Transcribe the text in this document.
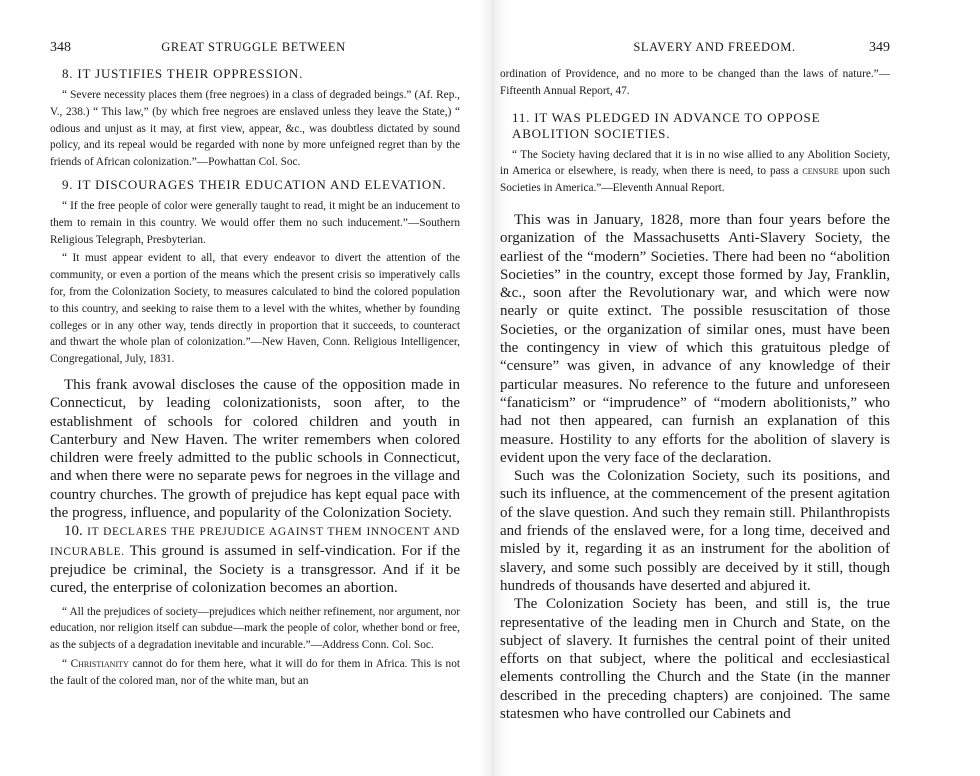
348	GREAT STRUGGLE BETWEEN
8. IT JUSTIFIES THEIR OPPRESSION.

“ Severe necessity places them (free negroes) in a class of degraded beings.” (Af. Rep., V., 238.) “ This law,” (by which free negroes are enslaved unless they leave the State,) “ odious and unjust as it may, at first view, appear, &c., was doubtless dictated by sound policy, and its repeal would be regarded with none by more unfeigned regret than by the friends of African colonization.”—Powhattan Col. Soc.

9. IT DISCOURAGES THEIR EDUCATION AND ELEVATION.

“ If the free people of color were generally taught to read, it might be an inducement to them to remain in this country. We would offer them no such inducement.”—Southern Religious Telegraph, Presbyterian.

“ It must appear evident to all, that every endeavor to divert the attention of the community, or even a portion of the means which the present crisis so imperatively calls for, from the Colonization Society, to measures calculated to bind the colored population to this country, and seeking to raise them to a level with the whites, whether by founding colleges or in any other way, tends directly in proportion that it succeeds, to counteract and thwart the whole plan of colonization.”—New Haven, Conn. Religious Intelligencer, Congregational, July, 1831.

This frank avowal discloses the cause of the opposition made in Connecticut, by leading colonizationists, soon after, to the establishment of schools for colored children and youth in Canterbury and New Haven. The writer remembers when colored children were freely admitted to the public schools in Connecticut, and when there were no separate pews for negroes in the village and country churches. The growth of prejudice has kept equal pace with the progress, influence, and popularity of the Colonization Society.

10. IT DECLARES THE PREJUDICE AGAINST THEM INNOCENT AND INCURABLE. This ground is assumed in self-vindication. For if the prejudice be criminal, the Society is a transgressor. And if it be cured, the enterprise of colonization becomes an abortion.

“ All the prejudices of society—prejudices which neither refinement, nor argument, nor education, nor religion itself can subdue—mark the people of color, whether bond or free, as the subjects of a degradation inevitable and incurable.”—Address Conn. Col. Soc.

“ Christianity cannot do for them here, what it will do for them in Africa. This is not the fault of the colored man, nor of the white man, but an

SLAVERY AND FREEDOM.	349

ordination of Providence, and no more to be changed than the laws of nature.”—Fifteenth Annual Report, 47.

11. IT WAS PLEDGED IN ADVANCE TO OPPOSE ABOLITION SOCIETIES.

“ The Society having declared that it is in no wise allied to any Abolition Society, in America or elsewhere, is ready, when there is need, to pass a censure upon such Societies in America.”—Eleventh Annual Report.

This was in January, 1828, more than four years before the organization of the Massachusetts Anti-Slavery Society, the earliest of the “modern” Societies. There had been no “abolition Societies” in the country, except those formed by Jay, Franklin, &c., soon after the Revolutionary war, and which were now nearly or quite extinct. The possible resuscitation of those Societies, or the organization of similar ones, must have been the contingency in view of which this gratuitous pledge of “censure” was given, in advance of any knowledge of their particular measures. No reference to the future and unforeseen “fanaticism” or “imprudence” of “modern abolitionists,” who had not then appeared, can furnish an explanation of this measure. Hostility to any efforts for the abolition of slavery is evident upon the very face of the declaration.

Such was the Colonization Society, such its positions, and such its influence, at the commencement of the present agitation of the slave question. And such they remain still. Philanthropists and friends of the enslaved were, for a long time, deceived and misled by it, regarding it as an instrument for the abolition of slavery, and some such possibly are deceived by it still, though hundreds of thousands have deserted and abjured it.

The Colonization Society has been, and still is, the true representative of the leading men in Church and State, on the subject of slavery. It furnishes the central point of their united efforts on that subject, where the political and ecclesiastical elements controlling the Church and the State (in the manner described in the preceding chapters) are conjoined. The same statesmen who have controlled our Cabinets and
